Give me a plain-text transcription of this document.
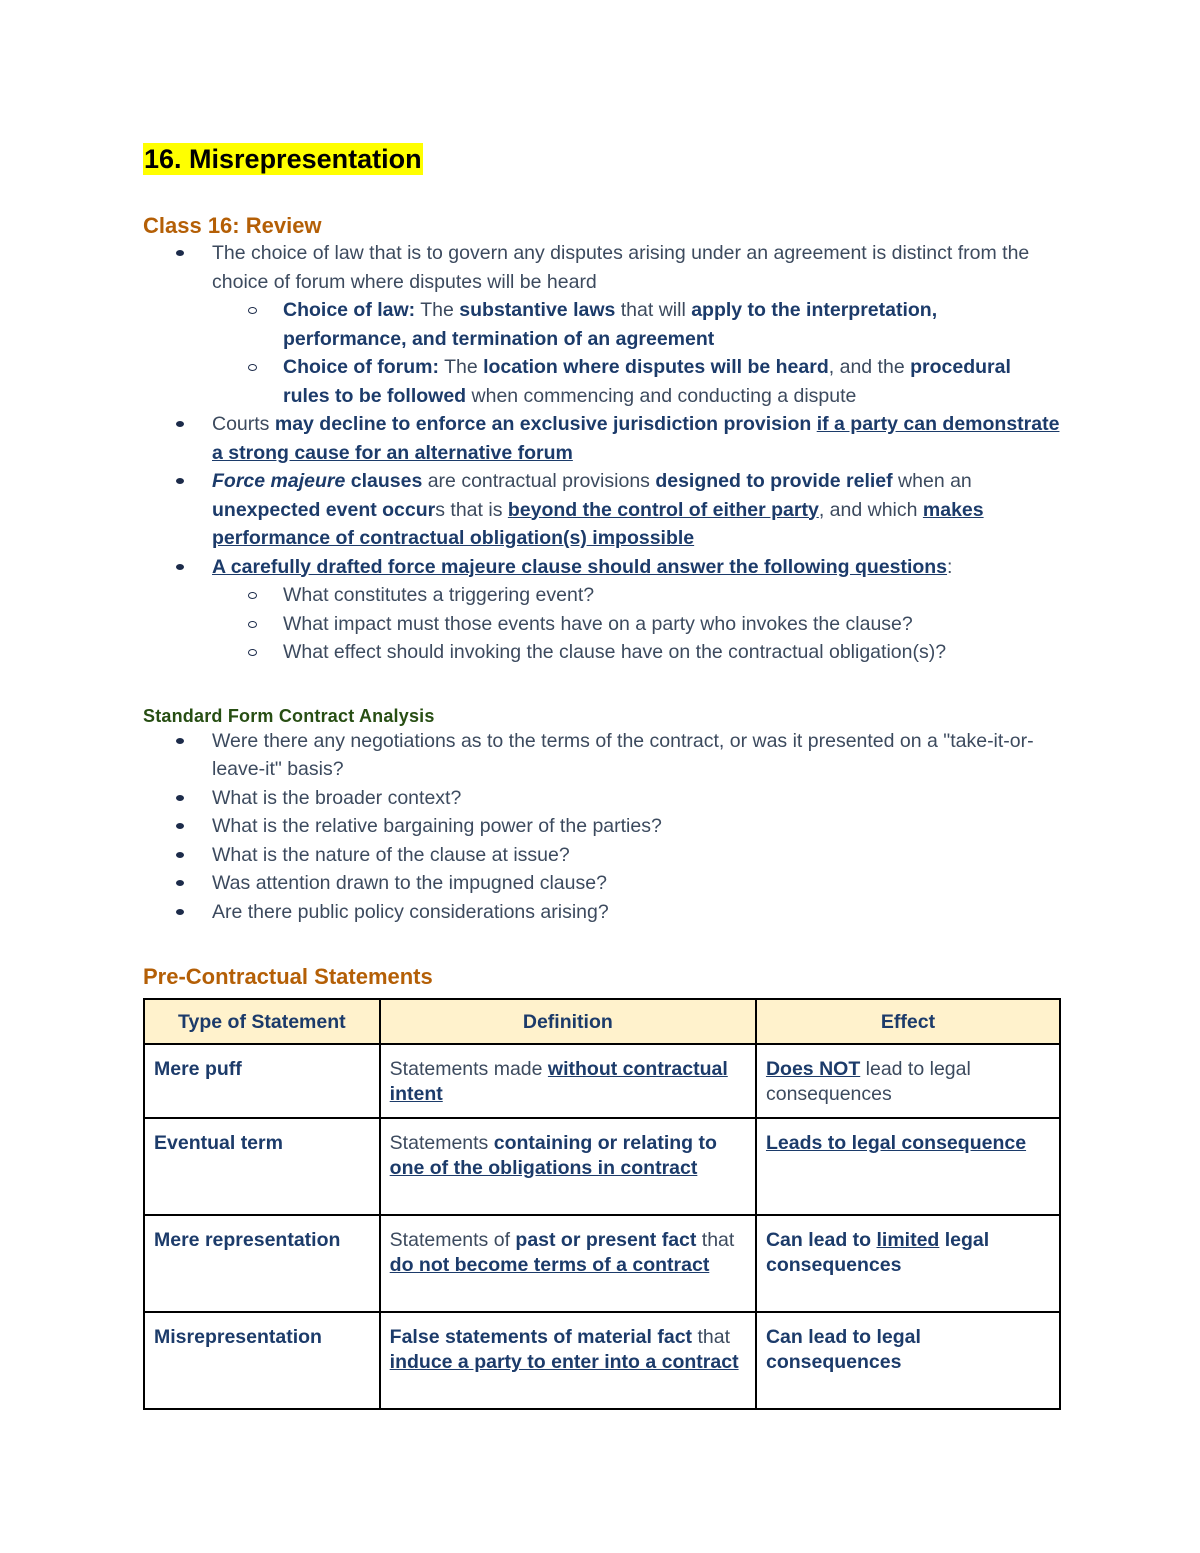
16. Misrepresentation
Class 16: Review
The choice of law that is to govern any disputes arising under an agreement is distinct from the choice of forum where disputes will be heard
Choice of law: The substantive laws that will apply to the interpretation, performance, and termination of an agreement
Choice of forum: The location where disputes will be heard, and the procedural rules to be followed when commencing and conducting a dispute
Courts may decline to enforce an exclusive jurisdiction provision if a party can demonstrate a strong cause for an alternative forum
Force majeure clauses are contractual provisions designed to provide relief when an unexpected event occurs that is beyond the control of either party, and which makes performance of contractual obligation(s) impossible
A carefully drafted force majeure clause should answer the following questions:
What constitutes a triggering event?
What impact must those events have on a party who invokes the clause?
What effect should invoking the clause have on the contractual obligation(s)?
Standard Form Contract Analysis
Were there any negotiations as to the terms of the contract, or was it presented on a "take-it-or-leave-it" basis?
What is the broader context?
What is the relative bargaining power of the parties?
What is the nature of the clause at issue?
Was attention drawn to the impugned clause?
Are there public policy considerations arising?
Pre-Contractual Statements
Type of Statement	Definition	Effect
Mere puff	Statements made without contractual intent	Does NOT lead to legal consequences
Eventual term	Statements containing or relating to one of the obligations in contract	Leads to legal consequence
Mere representation	Statements of past or present fact that do not become terms of a contract	Can lead to limited legal consequences
Misrepresentation	False statements of material fact that induce a party to enter into a contract	Can lead to legal consequences
